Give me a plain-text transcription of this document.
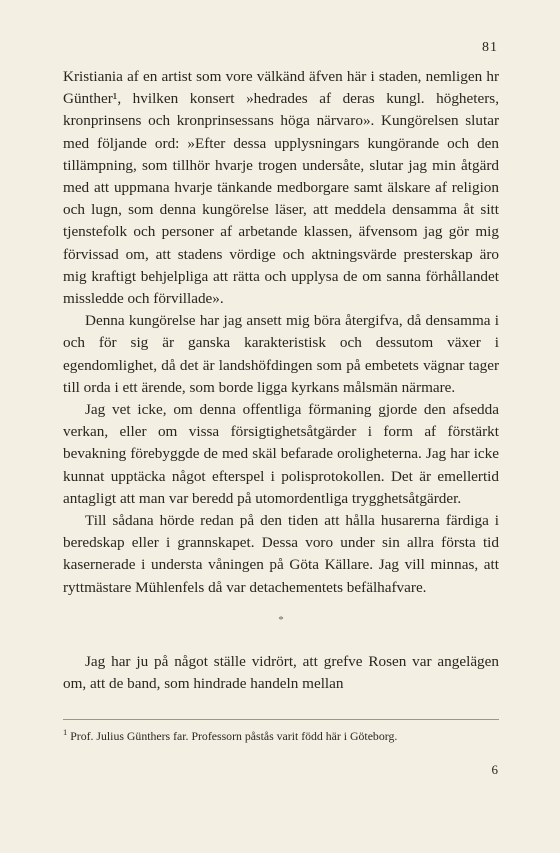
81

Kristiania af en artist som vore välkänd äfven här i staden, nemligen hr Günther¹, hvilken konsert »hedrades af deras kungl. högheters, kronprinsens och kronprinsessans höga närvaro». Kungörelsen slutar med följande ord: »Efter dessa upplysningars kungörande och den tillämpning, som tillhör hvarje trogen undersåte, slutar jag min åtgärd med att uppmana hvarje tänkande medborgare samt älskare af religion och lugn, som denna kungörelse läser, att meddela densamma åt sitt tjenstefolk och personer af arbetande klassen, äfvensom jag gör mig förvissad om, att stadens vördige och aktningsvärde presterskap äro mig kraftigt behjelpliga att rätta och upplysa de om sanna förhållandet missledde och förvillade».

Denna kungörelse har jag ansett mig böra återgifva, då densamma i och för sig är ganska karakteristisk och dessutom växer i egendomlighet, då det är landshöfdingen som på embetets vägnar tager till orda i ett ärende, som borde ligga kyrkans målsmän närmare.

Jag vet icke, om denna offentliga förmaning gjorde den afsedda verkan, eller om vissa försigtighetsåtgärder i form af förstärkt bevakning förebyggde de med skäl befarade oroligheterna. Jag har icke kunnat upptäcka något efterspel i polisprotokollen. Det är emellertid antagligt att man var beredd på utomordentliga trygghetsåtgärder.

Till sådana hörde redan på den tiden att hålla husarerna färdiga i beredskap eller i grannskapet. Dessa voro under sin allra första tid kasernerade i understa våningen på Göta Källare. Jag vill minnas, att ryttmästare Mühlenfels då var detachementets befälhafvare.

*

Jag har ju på något ställe vidrört, att grefve Rosen var angelägen om, att de band, som hindrade handeln mellan

$^1$ Prof. Julius Günthers far. Professorn påstås varit född här i Göteborg.
6
